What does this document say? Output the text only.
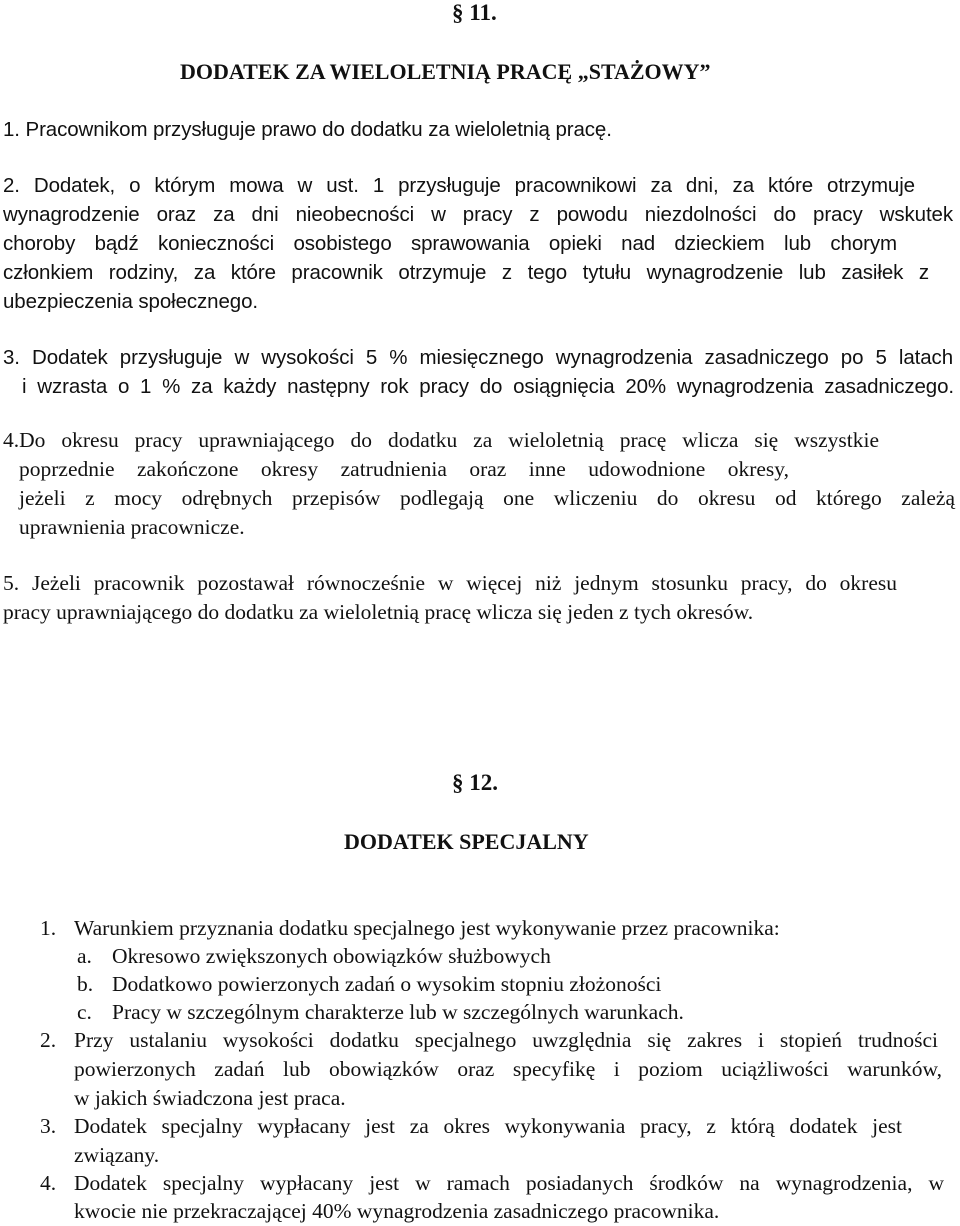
§ 11.
DODATEK ZA WIELOLETNIĄ PRACĘ „STAŻOWY”
1. Pracownikom przysługuje prawo do dodatku za wieloletnią pracę.
2. Dodatek, o którym mowa w ust. 1 przysługuje pracownikowi za dni, za które otrzymuje
wynagrodzenie oraz za dni nieobecności w pracy z powodu niezdolności do pracy wskutek
choroby bądź konieczności osobistego sprawowania opieki nad dzieckiem lub chorym
członkiem rodziny, za które pracownik otrzymuje z tego tytułu wynagrodzenie lub zasiłek z
ubezpieczenia społecznego.
3. Dodatek przysługuje w wysokości 5 % miesięcznego wynagrodzenia zasadniczego po 5 latach
i wzrasta o 1 % za każdy następny rok pracy do osiągnięcia 20% wynagrodzenia zasadniczego.
4.Do okresu pracy uprawniającego do dodatku za wieloletnią pracę wlicza się wszystkie
poprzednie zakończone okresy zatrudnienia oraz inne udowodnione okresy,
jeżeli z mocy odrębnych przepisów podlegają one wliczeniu do okresu od którego zależą
uprawnienia pracownicze.
5. Jeżeli pracownik pozostawał równocześnie w więcej niż jednym stosunku pracy, do okresu
pracy uprawniającego do dodatku za wieloletnią pracę wlicza się jeden z tych okresów.
§ 12.
DODATEK SPECJALNY
1. Warunkiem przyznania dodatku specjalnego jest wykonywanie przez pracownika:
a. Okresowo zwiększonych obowiązków służbowych
b. Dodatkowo powierzonych zadań o wysokim stopniu złożoności
c. Pracy w szczególnym charakterze lub w szczególnych warunkach.
2. Przy ustalaniu wysokości dodatku specjalnego uwzględnia się zakres i stopień trudności
powierzonych zadań lub obowiązków oraz specyfikę i poziom uciążliwości warunków,
w jakich świadczona jest praca.
3. Dodatek specjalny wypłacany jest za okres wykonywania pracy, z którą dodatek jest
związany.
4. Dodatek specjalny wypłacany jest w ramach posiadanych środków na wynagrodzenia, w
kwocie nie przekraczającej 40% wynagrodzenia zasadniczego pracownika.
